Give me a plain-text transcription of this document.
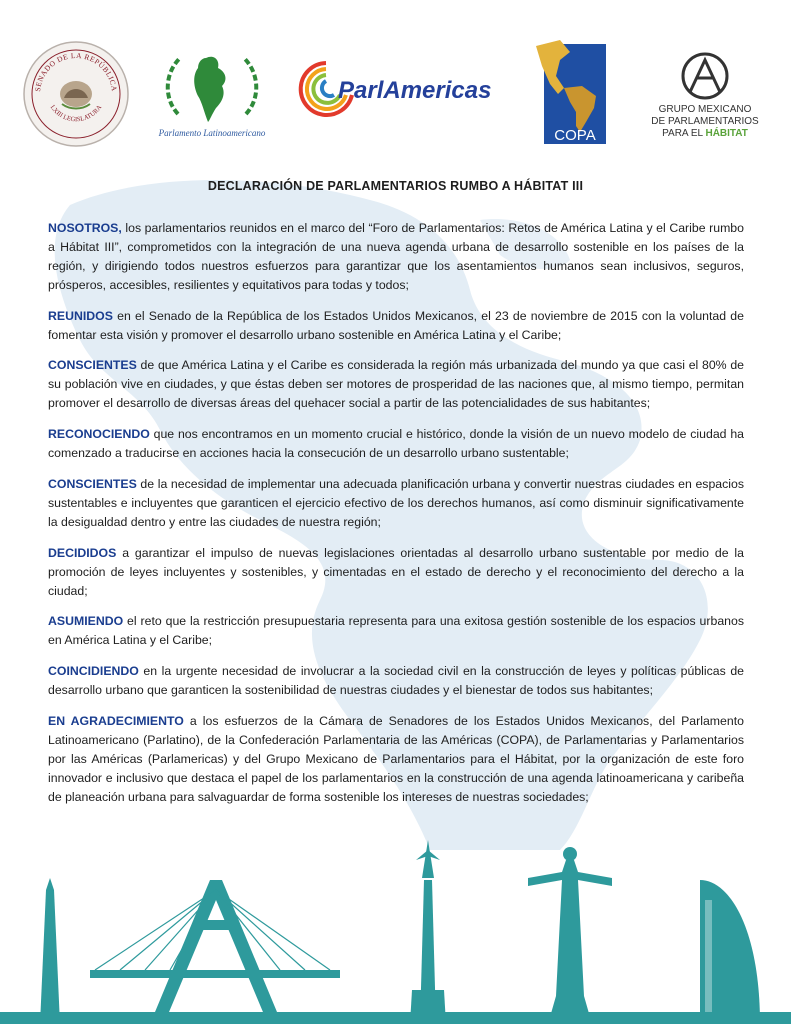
SENADO DE LA REPÚBLICA
LXIII LEGISLATURA
Parlamento Latinoamericano
ParlAmericas
COPA
GRUPO MEXICANO
DE PARLAMENTARIOS
PARA EL HÁBITAT
DECLARACIÓN DE PARLAMENTARIOS RUMBO A HÁBITAT III

NOSOTROS, los parlamentarios reunidos en el marco del “Foro de Parlamentarios: Retos de América Latina y el Caribe rumbo a Hábitat III”, comprometidos con la integración de una nueva agenda urbana de desarrollo sostenible en los países de la región, y dirigiendo todos nuestros esfuerzos para garantizar que los asentamientos humanos sean inclusivos, seguros, prósperos, accesibles, resilientes y equitativos para todas y todos;

REUNIDOS en el Senado de la República de los Estados Unidos Mexicanos, el 23 de noviembre de 2015 con la voluntad de fomentar esta visión y promover el desarrollo urbano sostenible en América Latina y el Caribe;

CONSCIENTES de que América Latina y el Caribe es considerada la región más urbanizada del mundo ya que casi el 80% de su población vive en ciudades, y que éstas deben ser motores de prosperidad de las naciones que, al mismo tiempo, permitan promover el desarrollo de diversas áreas del quehacer social a partir de las potencialidades de sus habitantes;

RECONOCIENDO que nos encontramos en un momento crucial e histórico, donde la visión de un nuevo modelo de ciudad ha comenzado a traducirse en acciones hacia la consecución de un desarrollo urbano sustentable;

CONSCIENTES de la necesidad de implementar una adecuada planificación urbana y convertir nuestras ciudades en espacios sustentables e incluyentes que garanticen el ejercicio efectivo de los derechos humanos, así como disminuir significativamente la desigualdad dentro y entre las ciudades de nuestra región;

DECIDIDOS a garantizar el impulso de nuevas legislaciones orientadas al desarrollo urbano sustentable por medio de la promoción de leyes incluyentes y sostenibles, y cimentadas en el estado de derecho y el reconocimiento del derecho a la ciudad;

ASUMIENDO el reto que la restricción presupuestaria representa para una exitosa gestión sostenible de los espacios urbanos en América Latina y el Caribe;

COINCIDIENDO en la urgente necesidad de involucrar a la sociedad civil en la construcción de leyes y políticas públicas de desarrollo urbano que garanticen la sostenibilidad de nuestras ciudades y el bienestar de todos sus habitantes;

EN AGRADECIMIENTO a los esfuerzos de la Cámara de Senadores de los Estados Unidos Mexicanos, del Parlamento Latinoamericano (Parlatino), de la Confederación Parlamentaria de las Américas (COPA), de Parlamentarias y Parlamentarios por las Américas (Parlamericas) y del Grupo Mexicano de Parlamentarios para el Hábitat, por la organización de este foro innovador e inclusivo que destaca el papel de los parlamentarios en la construcción de una agenda latinoamericana y caribeña de planeación urbana para salvaguardar de forma sostenible los intereses de nuestras sociedades;
